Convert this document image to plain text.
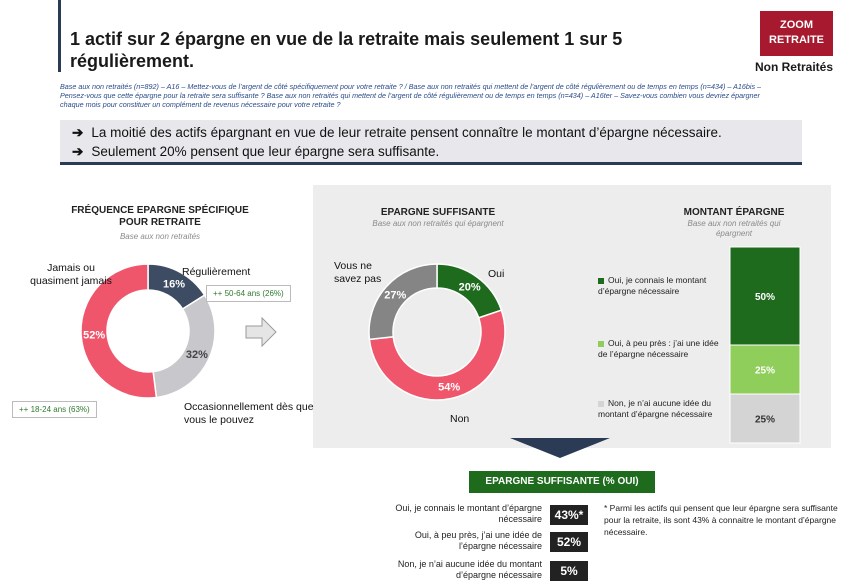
1 actif sur 2 épargne en vue de la retraite mais seulement 1 sur 5 régulièrement.
ZOOM
RETRAITE
Non Retraités
Base aux non retraités (n=892) – A16 – Mettez-vous de l’argent de côté spécifiquement pour votre retraite ? / Base aux non retraités qui mettent de l’argent de côté régulièrement ou de temps en temps (n=434) – A16bis – Pensez-vous que cette épargne pour la retraite sera suffisante ? Base aux non retraités qui mettent de l’argent de côté régulièrement ou de temps en temps (n=434) – A16ter – Savez-vous combien vous devriez épargner chaque mois pour constituer un complément de revenus nécessaire pour votre retraite ?
➔ La moitié des actifs épargnant en vue de leur retraite pensent connaître le montant d’épargne nécessaire.
➔ Seulement 20% pensent que leur épargne sera suffisante.
FRÉQUENCE EPARGNE SPÉCIFIQUE POUR RETRAITE
Base aux non retraités
EPARGNE SUFFISANTE
Base aux non retraités qui épargnent
MONTANT ÉPARGNE
Base aux non retraités qui épargnent
16%
32%
52%
20%
54%
27%	50%
25%
25%
Jamais ou quasiment jamais
Régulièrement
Occasionnellement dès que vous le pouvez
++ 50-64 ans (26%)
++ 18-24 ans (63%)
Vous ne savez pas	Oui
Non
Oui, je connais le montant d’épargne nécessaire
Oui, à peu près : j’ai une idée de l’épargne nécessaire
Non, je n’ai aucune idée du montant d’épargne nécessaire
EPARGNE SUFFISANTE (% OUI)
Oui, je connais le montant d’épargne nécessaire	43%*
Oui, à peu près, j’ai une idée de l’épargne nécessaire	52%
Non, je n’ai aucune idée du montant d’épargne nécessaire	5%
* Parmi les actifs qui pensent que leur épargne sera suffisante pour la retraite, ils sont 43% à connaitre le montant d’épargne nécessaire.
